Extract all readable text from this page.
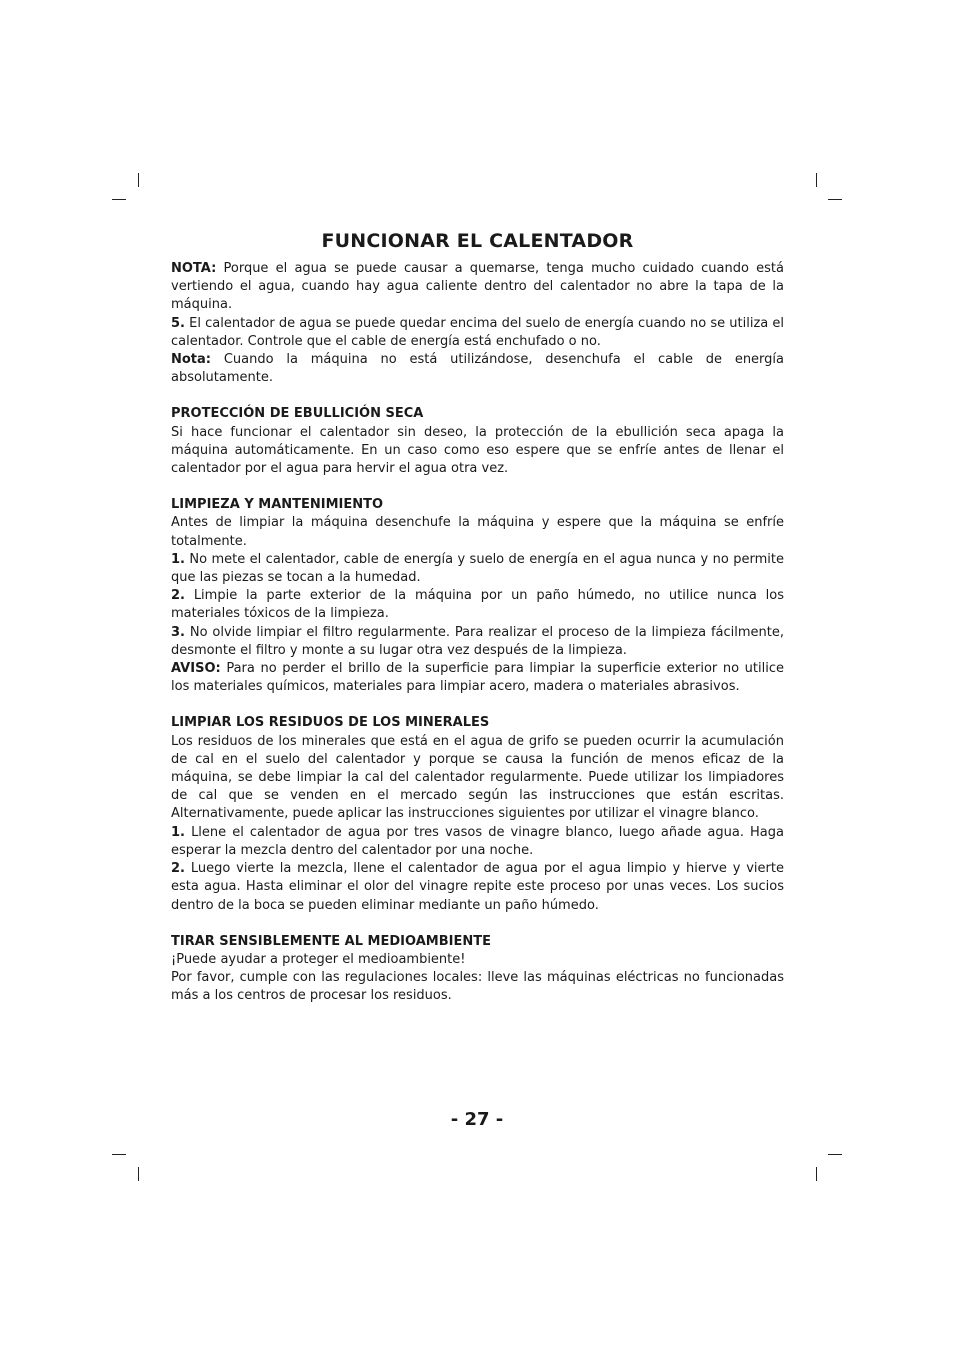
FUNCIONAR EL CALENTADOR

NOTA: Porque el agua se puede causar a quemarse, tenga mucho cuidado cuando está vertiendo el agua, cuando hay agua caliente dentro del calentador no abre la tapa de la máquina.

5. El calentador de agua se puede quedar encima del suelo de energía cuando no se utiliza el calentador. Controle que el cable de energía está enchufado o no.

Nota: Cuando la máquina no está utilizándose, desenchufa el cable de energía absolutamente.

PROTECCIÓN DE EBULLICIÓN SECA

Si hace funcionar el calentador sin deseo, la protección de la ebullición seca apaga la máquina automáticamente. En un caso como eso espere que se enfríe antes de llenar el calentador por el agua para hervir el agua otra vez.

LIMPIEZA Y MANTENIMIENTO

Antes de limpiar la máquina desenchufe la máquina y espere que la máquina se enfríe totalmente.

1. No mete el calentador, cable de energía y suelo de energía en el agua nunca y no permite que las piezas se tocan a la humedad.

2. Limpie la parte exterior de la máquina por un paño húmedo, no utilice nunca los materiales tóxicos de la limpieza.

3. No olvide limpiar el filtro regularmente. Para realizar el proceso de la limpieza fácilmente, desmonte el filtro y monte a su lugar otra vez después de la limpieza.

AVISO: Para no perder el brillo de la superficie para limpiar la superficie exterior no utilice los materiales químicos, materiales para limpiar acero, madera o materiales abrasivos.

LIMPIAR LOS RESIDUOS DE LOS MINERALES

Los residuos de los minerales que está en el agua de grifo se pueden ocurrir la acumulación de cal en el suelo del calentador y porque se causa la función de menos eficaz de la máquina, se debe limpiar la cal del calentador regularmente. Puede utilizar los limpiadores de cal que se venden en el mercado según las instrucciones que están escritas. Alternativamente, puede aplicar las instrucciones siguientes por utilizar el vinagre blanco.

1. Llene el calentador de agua por tres vasos de vinagre blanco, luego añade agua. Haga esperar la mezcla dentro del calentador por una noche.

2. Luego vierte la mezcla, llene el calentador de agua por el agua limpio y hierve y vierte esta agua. Hasta eliminar el olor del vinagre repite este proceso por unas veces. Los sucios dentro de la boca se pueden eliminar mediante un paño húmedo.

TIRAR SENSIBLEMENTE AL MEDIOAMBIENTE

¡Puede ayudar a proteger el medioambiente!

Por favor, cumple con las regulaciones locales: lleve las máquinas eléctricas no funcionadas más a los centros de procesar los residuos.

- 27 -
